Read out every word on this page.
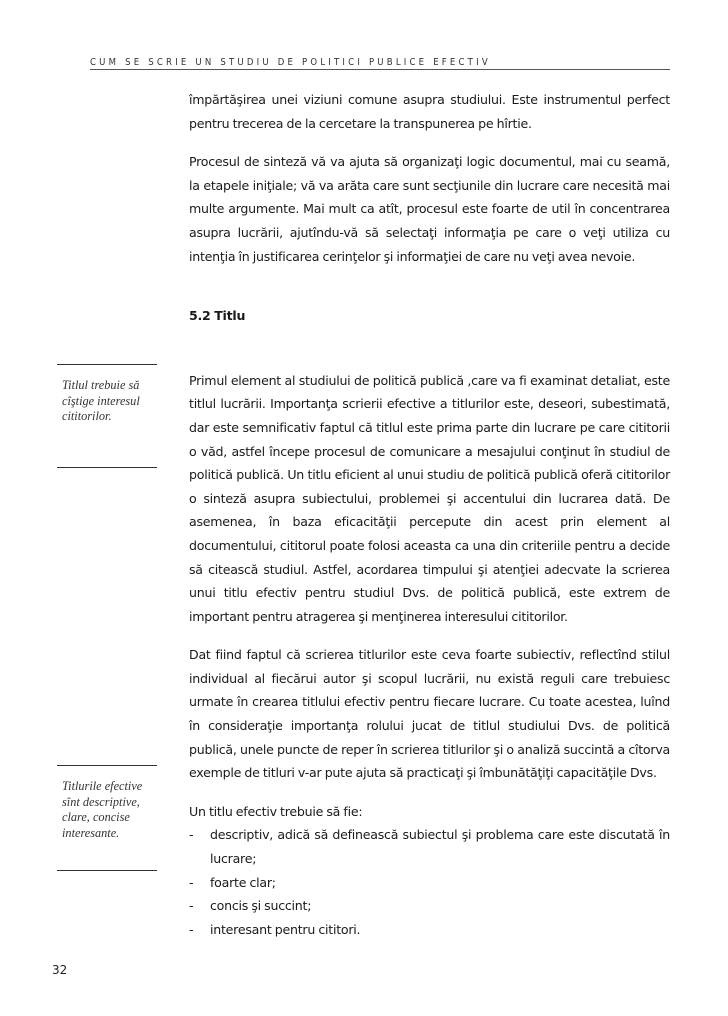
CUM SE SCRIE UN STUDIU DE POLITICI PUBLICE EFECTIV

împărtăşirea unei viziuni comune asupra studiului. Este instrumentul perfect pentru trecerea de la cercetare la transpunerea pe hîrtie.

Procesul de sinteză vă va ajuta să organizaţi logic documentul, mai cu seamă, la etapele iniţiale; vă va arăta care sunt secţiunile din lucrare care necesită mai multe argumente. Mai mult ca atît, procesul este foarte de util în concentrarea asupra lucrării, ajutîndu-vă să selectaţi informaţia pe care o veţi utiliza cu intenţia în justificarea cerinţelor şi informaţiei de care nu veţi avea nevoie.

5.2 Titlu

Primul element al studiului de politică publică ,care va fi examinat detaliat, este titlul lucrării. Importanţa scrierii efective a titlurilor este, deseori, subestimată, dar este semnificativ faptul că titlul este prima parte din lucrare pe care cititorii o văd, astfel începe procesul de comunicare a mesajului conţinut în studiul de politică publică. Un titlu eficient al unui studiu de politică publică oferă cititorilor o sinteză asupra subiectului, problemei şi accentului din lucrarea dată. De asemenea, în baza eficacităţii percepute din acest prin element al documentului, cititorul poate folosi aceasta ca una din criteriile pentru a decide să citească studiul. Astfel, acordarea timpului şi atenţiei adecvate la scrierea unui titlu efectiv pentru studiul Dvs. de politică publică, este extrem de important pentru atragerea şi menţinerea interesului cititorilor.

Dat fiind faptul că scrierea titlurilor este ceva foarte subiectiv, reflectînd stilul individual al fiecărui autor şi scopul lucrării, nu există reguli care trebuiesc urmate în crearea titlului efectiv pentru fiecare lucrare. Cu toate acestea, luînd în consideraţie importanţa rolului jucat de titlul studiului Dvs. de politică publică, unele puncte de reper în scrierea titlurilor şi o analiză succintă a cîtorva exemple de titluri v-ar pute ajuta să practicaţi şi îmbunătăţiţi capacităţile Dvs.

Un titlu efectiv trebuie să fie:
- descriptiv, adică să definească subiectul şi problema care este discutată în lucrare;
- foarte clar;
- concis şi succint;
- interesant pentru cititori.
Titlul trebuie să cîştige interesul cititorilor.
Titlurile efective sînt descriptive, clare, concise interesante.
32
